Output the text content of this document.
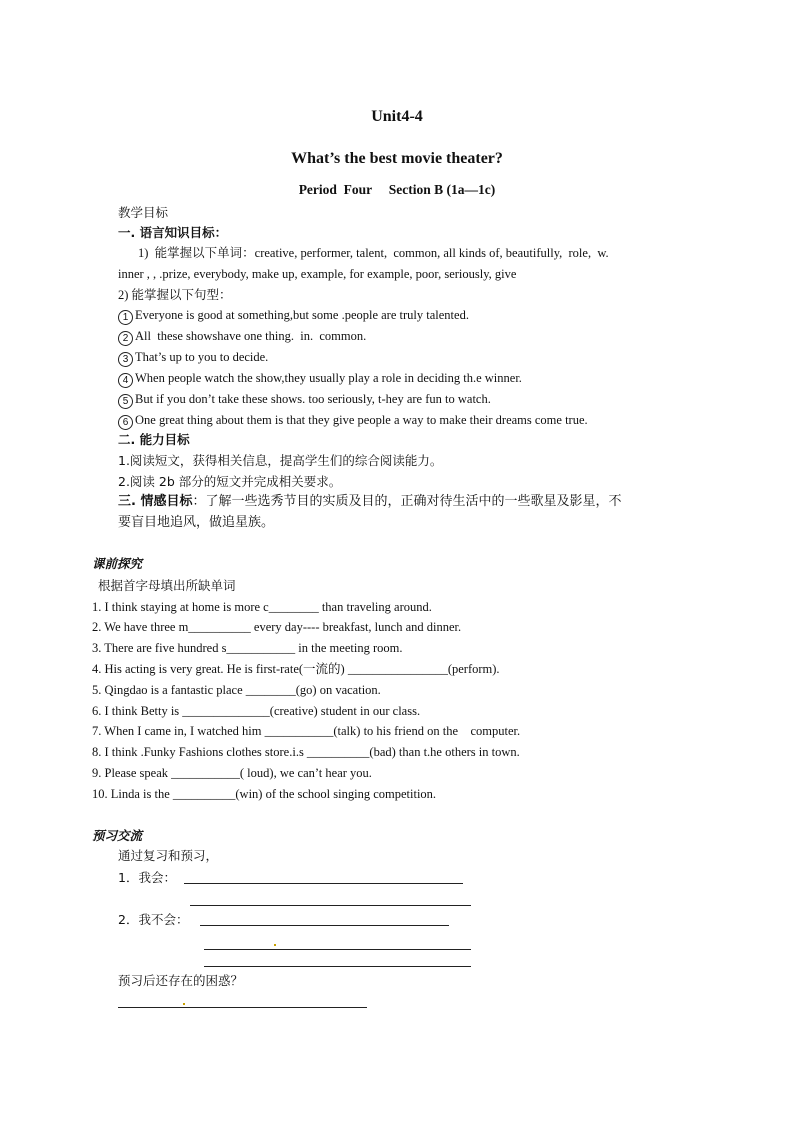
Unit4-4
What’s the best movie theater?
Period  Four     Section B (1a—1c)
教学目标
一. 语言知识目标：
1)  能掌握以下单词：creative, performer, talent,  common, all kinds of, beautifully,  role,  w.
inner , , .prize, everybody, make up, example, for example, poor, seriously, give
2) 能掌握以下句型：
1 Everyone is good at something,but some .people are truly talented.
2 All  these showshave one thing.  in.  common.
3 That’s up to you to decide.
4 When people watch the show,they usually play a role in deciding th.e winner.
5 But if you don’t take these shows. too seriously, t-hey are fun to watch.
6 One great thing about them is that they give people a way to make their dreams come true.
二. 能力目标
1.阅读短文，获得相关信息，提高学生们的综合阅读能力。
2.阅读 2b 部分的短文并完成相关要求。
三. 情感目标：了解一些选秀节目的实质及目的，正确对待生活中的一些歌星及影星，不
要盲目地追风，做追星族。
课前探究
根据首字母填出所缺单词
1. I think staying at home is more c________ than traveling around.
2. We have three m__________ every day---- breakfast, lunch and dinner.
3. There are five hundred s___________ in the meeting room.
4. His acting is very great. He is first-rate(一流的) ________________(perform).
5. Qingdao is a fantastic place ________(go) on vacation.
6. I think Betty is ______________(creative) student in our class.
7. When I came in, I watched him ___________(talk) to his friend on the    computer.
8. I think .Funky Fashions clothes store.i.s __________(bad) than t.he others in town.
9. Please speak ___________( loud), we can’t hear you.
10. Linda is the __________(win) of the school singing competition.
预习交流
通过复习和预习，
1．我会：
2．我不会：
预习后还存在的困惑？
